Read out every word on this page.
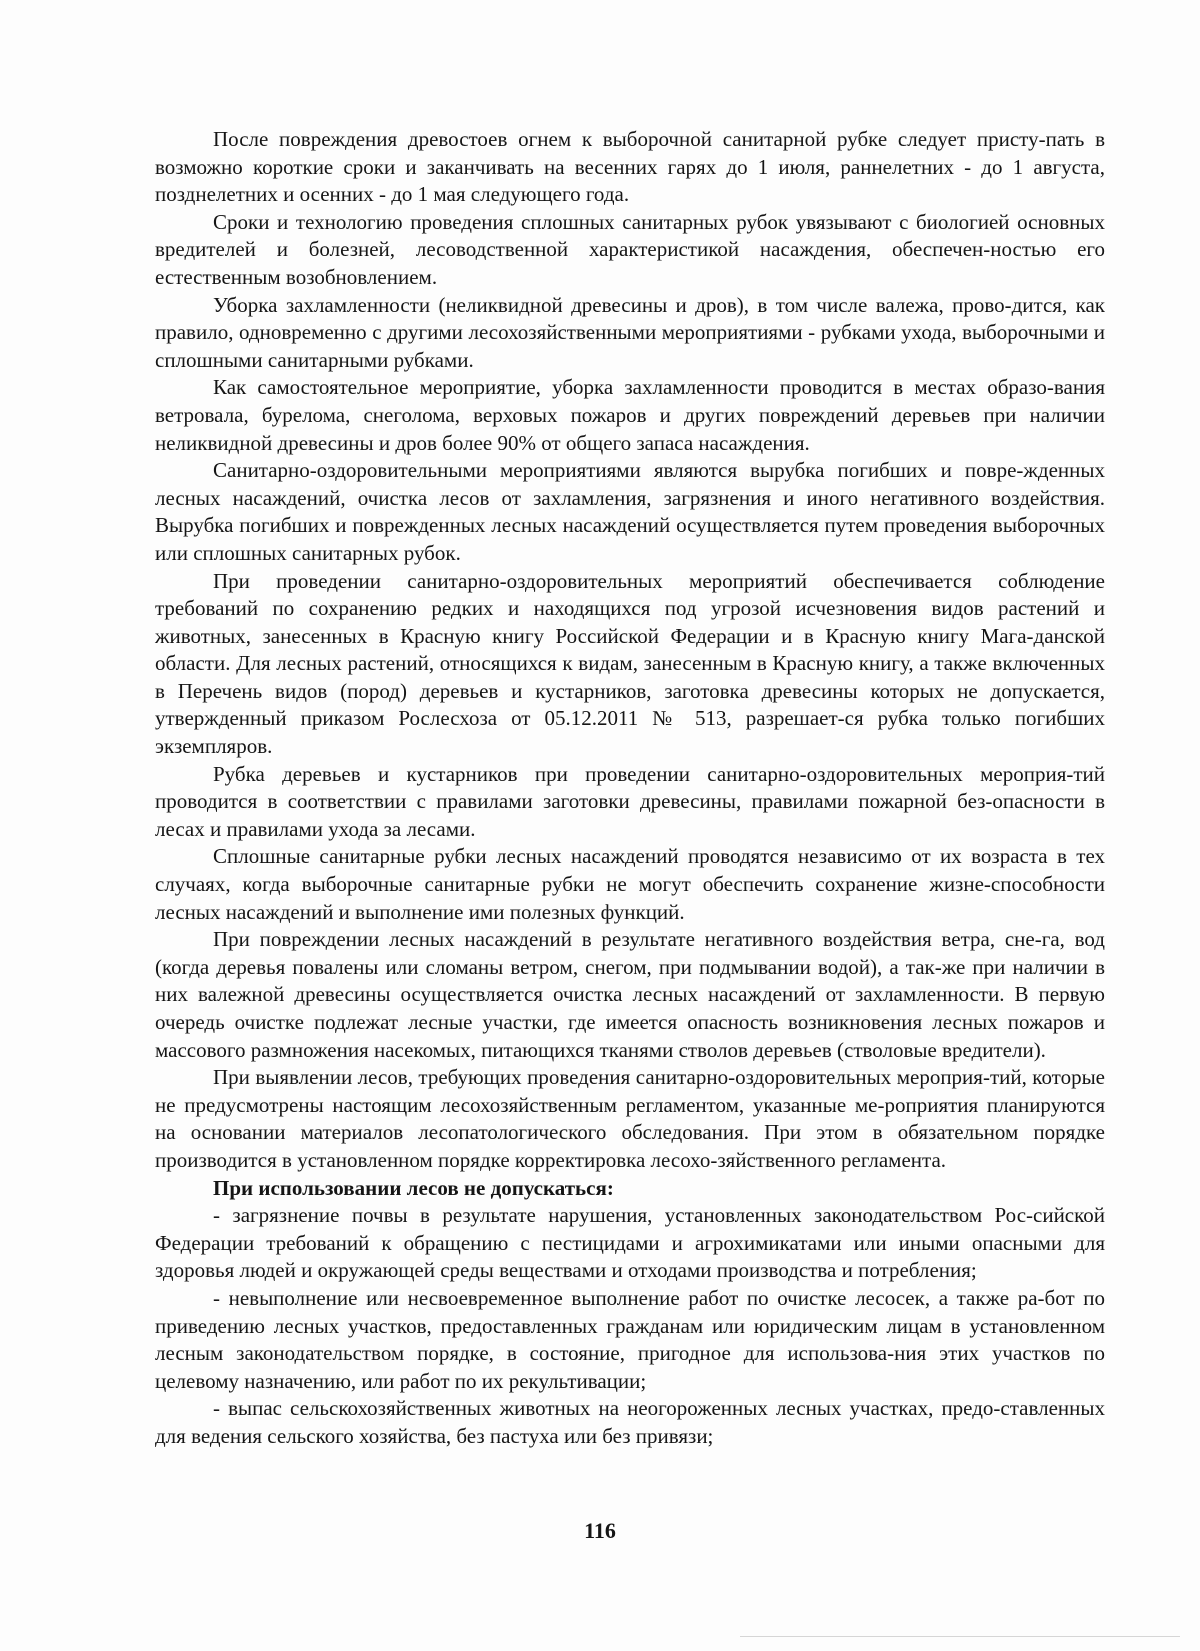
После повреждения древостоев огнем к выборочной санитарной рубке следует присту-пать в возможно короткие сроки и заканчивать на весенних гарях до 1 июля, раннелетних - до 1 августа, позднелетних и осенних - до 1 мая следующего года.

Сроки и технологию проведения сплошных санитарных рубок увязывают с биологией основных вредителей и болезней, лесоводственной характеристикой насаждения, обеспечен-ностью его естественным возобновлением.

Уборка захламленности (неликвидной древесины и дров), в том числе валежа, прово-дится, как правило, одновременно с другими лесохозяйственными мероприятиями - рубками ухода, выборочными и сплошными санитарными рубками.

Как самостоятельное мероприятие, уборка захламленности проводится в местах образо-вания ветровала, бурелома, снеголома, верховых пожаров и других повреждений деревьев при наличии неликвидной древесины и дров более 90% от общего запаса насаждения.

Санитарно-оздоровительными мероприятиями являются вырубка погибших и повре-жденных лесных насаждений, очистка лесов от захламления, загрязнения и иного негативного воздействия. Вырубка погибших и поврежденных лесных насаждений осуществляется путем проведения выборочных или сплошных санитарных рубок.

При проведении санитарно-оздоровительных мероприятий обеспечивается соблюдение требований по сохранению редких и находящихся под угрозой исчезновения видов растений и животных, занесенных в Красную книгу Российской Федерации и в Красную книгу Мага-данской области. Для лесных растений, относящихся к видам, занесенным в Красную книгу, а также включенных в Перечень видов (пород) деревьев и кустарников, заготовка древесины которых не допускается, утвержденный приказом Рослесхоза от 05.12.2011 № 513, разрешает-ся рубка только погибших экземпляров.

Рубка деревьев и кустарников при проведении санитарно-оздоровительных мероприя-тий проводится в соответствии с правилами заготовки древесины, правилами пожарной без-опасности в лесах и правилами ухода за лесами.

Сплошные санитарные рубки лесных насаждений проводятся независимо от их возраста в тех случаях, когда выборочные санитарные рубки не могут обеспечить сохранение жизне-способности лесных насаждений и выполнение ими полезных функций.

При повреждении лесных насаждений в результате негативного воздействия ветра, сне-га, вод (когда деревья повалены или сломаны ветром, снегом, при подмывании водой), а так-же при наличии в них валежной древесины осуществляется очистка лесных насаждений от захламленности. В первую очередь очистке подлежат лесные участки, где имеется опасность возникновения лесных пожаров и массового размножения насекомых, питающихся тканями стволов деревьев (стволовые вредители).

При выявлении лесов, требующих проведения санитарно-оздоровительных мероприя-тий, которые не предусмотрены настоящим лесохозяйственным регламентом, указанные ме-роприятия планируются на основании материалов лесопатологического обследования. При этом в обязательном порядке производится в установленном порядке корректировка лесохо-зяйственного регламента.

При использовании лесов не допускаться:

- загрязнение почвы в результате нарушения, установленных законодательством Рос-сийской Федерации требований к обращению с пестицидами и агрохимикатами или иными опасными для здоровья людей и окружающей среды веществами и отходами производства и потребления;

- невыполнение или несвоевременное выполнение работ по очистке лесосек, а также ра-бот по приведению лесных участков, предоставленных гражданам или юридическим лицам в установленном лесным законодательством порядке, в состояние, пригодное для использова-ния этих участков по целевому назначению, или работ по их рекультивации;

- выпас сельскохозяйственных животных на неогороженных лесных участках, предо-ставленных для ведения сельского хозяйства, без пастуха или без привязи;

116
